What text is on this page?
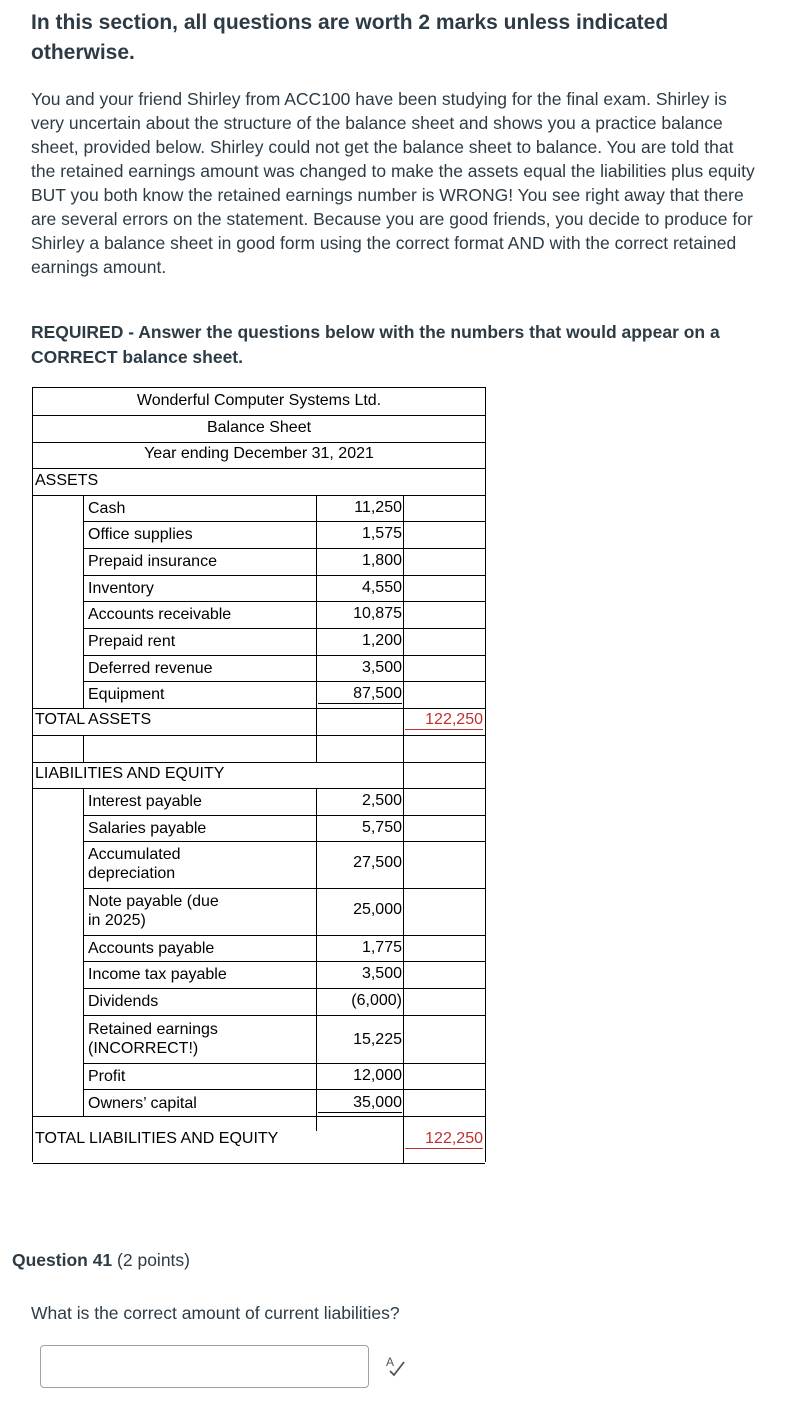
In this section, all questions are worth 2 marks unless indicated otherwise.
You and your friend Shirley from ACC100 have been studying for the final exam. Shirley is very uncertain about the structure of the balance sheet and shows you a practice balance sheet, provided below. Shirley could not get the balance sheet to balance. You are told that the retained earnings amount was changed to make the assets equal the liabilities plus equity BUT you both know the retained earnings number is WRONG! You see right away that there are several errors on the statement. Because you are good friends, you decide to produce for Shirley a balance sheet in good form using the correct format AND with the correct retained earnings amount.
REQUIRED - Answer the questions below with the numbers that would appear on a CORRECT balance sheet.
Wonderful Computer Systems Ltd.
Balance Sheet
Year ending December 31, 2021
ASSETS
Cash	11,250
Office supplies	1,575
Prepaid insurance	1,800
Inventory	4,550
Accounts receivable	10,875
Prepaid rent	1,200
Deferred revenue	3,500
Equipment	87,500
TOTAL ASSETS	122,250
LIABILITIES AND EQUITY
Interest payable	2,500
Salaries payable	5,750
Accumulated depreciation
27,500
Note payable (due in 2025)
25,000
Accounts payable	1,775
Income tax payable	3,500
Dividends	(6,000)
Retained earnings (INCORRECT!)
15,225
Profit	12,000
Owners’ capital	35,000
TOTAL LIABILITIES AND EQUITY	122,250
Question 41 (2 points)
What is the correct amount of current liabilities?
A
